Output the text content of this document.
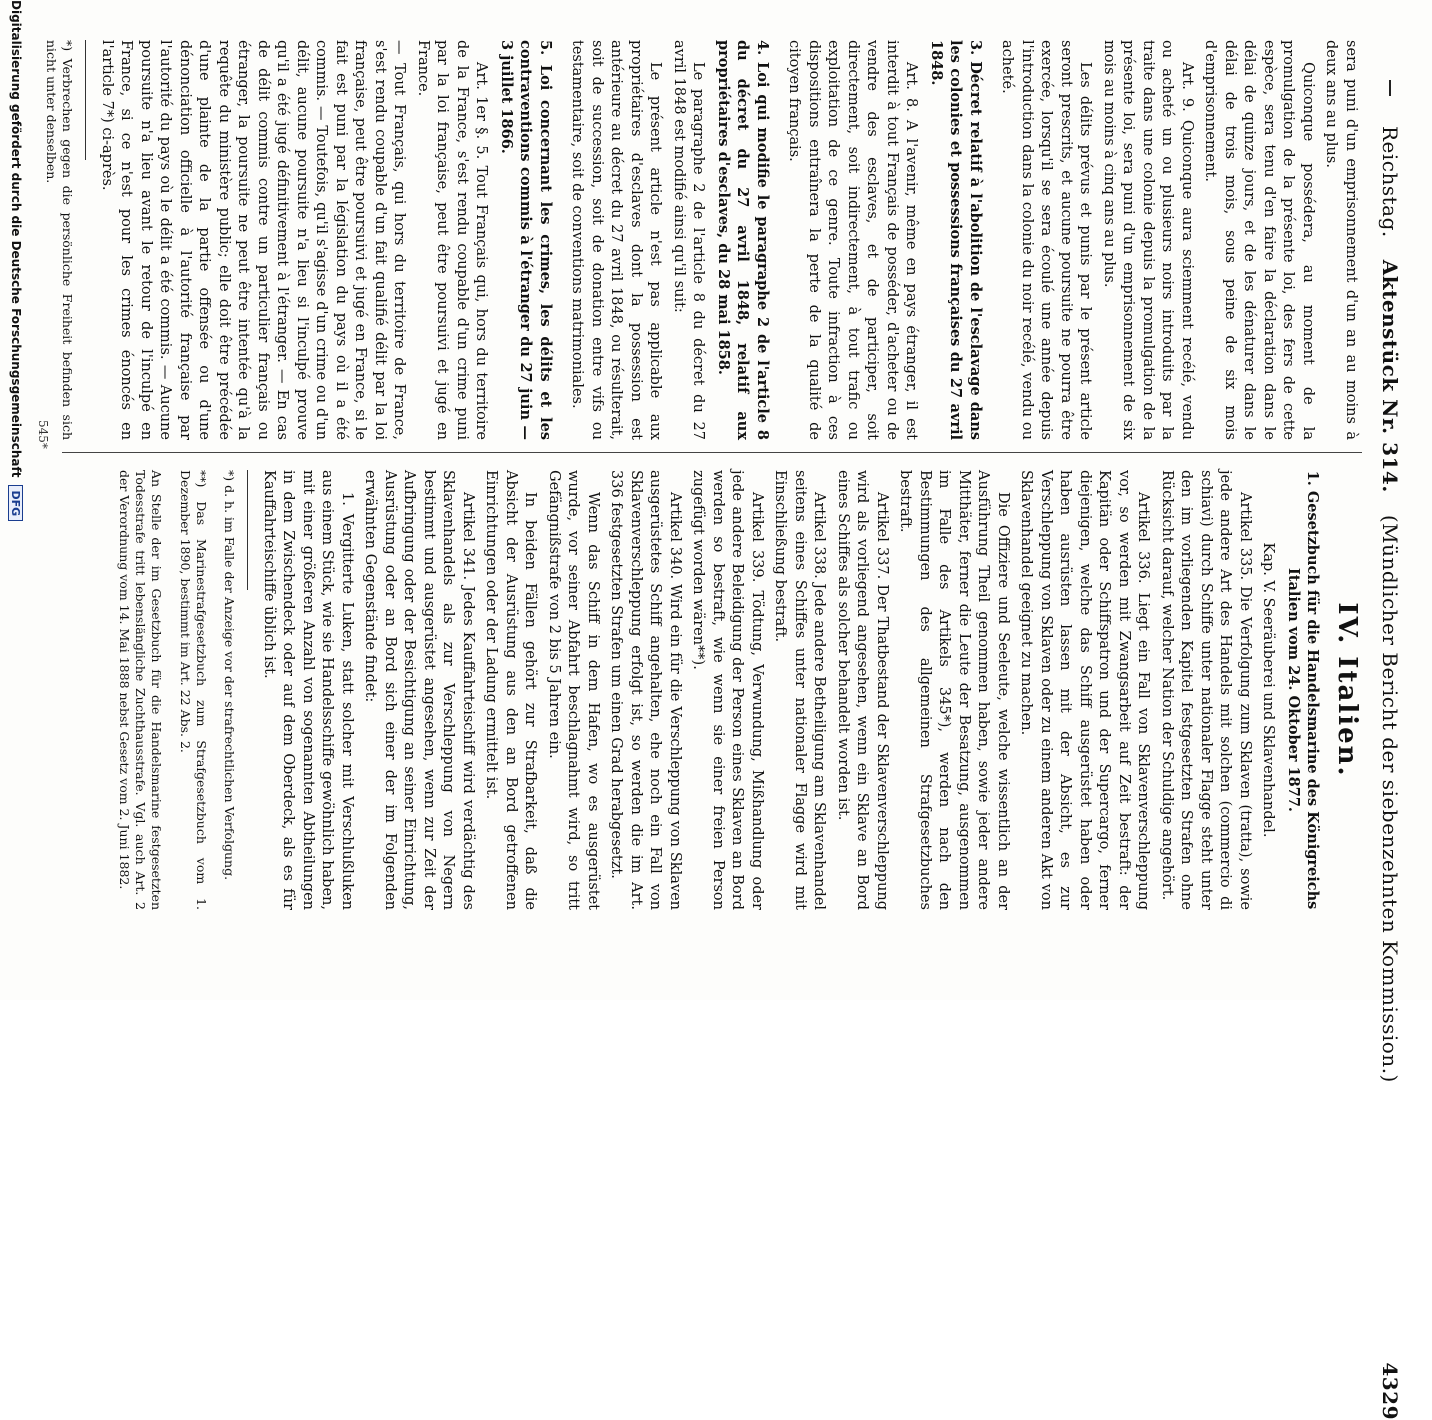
Reichstag.
Aktenstück Nr. 314.
(Mündlicher Bericht der siebenzehnten Kommission.)
4329

sera puni d'un emprisonnement d'un an au moins à deux ans au plus.

Quiconque possédera, au moment de la promulgation de la présente loi, des fers de cette espèce, sera tenu d'en faire la déclaration dans le délai de quinze jours, et de les dénaturer dans le délai de trois mois, sous peine de six mois d'emprisonnement.

Art. 9. Quiconque aura sciemment recélé, vendu ou acheté un ou plusieurs noirs introduits par la traite dans une colonie depuis la promulgation de la présente loi, sera puni d'un emprisonnement de six mois au moins à cinq ans au plus.

Les délits prévus et punis par le présent article seront prescrits, et aucune poursuite ne pourra être exercée, lorsqu'il se sera écoulé une année depuis l'introduction dans la colonie du noir recélé, vendu ou acheté.

3. Décret relatif à l'abolition de l'esclavage dans les colonies et possessions françaises du 27 avril 1848.

Art. 8. A l'avenir, même en pays étranger, il est interdit à tout Français de posséder, d'acheter ou de vendre des esclaves, et de participer, soit directement, soit indirectement, à tout trafic ou exploitation de ce genre. Toute infraction à ces dispositions entraînera la perte de la qualité de citoyen français.

4. Loi qui modifie le paragraphe 2 de l'article 8 du décret du 27 avril 1848, relatif aux propriétaires d'esclaves, du 28 mai 1858.

Le paragraphe 2 de l'article 8 du décret du 27 avril 1848 est modifié ainsi qu'il suit:

Le présent article n'est pas applicable aux propriétaires d'esclaves dont la possession est antérieure au décret du 27 avril 1848, ou résulterait, soit de succession, soit de donation entre vifs ou testamentaire, soit de conventions matrimoniales.

5. Loi concernant les crimes, les délits et les contraventions commis à l'étranger du 27 juin — 3 juillet 1866.

Art. 1er §. 5. Tout Français qui, hors du territoire de la France, s'est rendu coupable d'un crime puni par la loi française, peut être poursuivi et jugé en France.

— Tout Français, qui hors du territoire de France, s'est rendu coupable d'un fait qualifié délit par la loi française, peut être poursuivi et jugé en France, si le fait est puni par la législation du pays où il a été commis. — Toutefois, qu'il s'agisse d'un crime ou d'un délit, aucune poursuite n'a lieu si l'inculpé prouve qu'il a été jugé définitivement à l'étranger. — En cas de délit commis contre un particulier français ou étranger, la poursuite ne peut être intentée qu'à la requête du ministère public; elle doit être précédée d'une plainte de la partie offensée ou d'une dénonciation officielle à l'autorité française par l'autorité du pays où le délit a été commis. — Aucune poursuite n'a lieu avant le retour de l'inculpé en France, si ce n'est pour les crimes énoncés en l'article 7*) ci-après.

*) Verbrechen gegen die persönliche Freiheit befinden sich nicht unter denselben.

IV. Italien.

1. Gesetzbuch für die Handelsmarine des Königreichs Italien vom 24. Oktober 1877.

Kap. V. Seeräuberei und Sklavenhandel.

Artikel 335. Die Verfolgung zum Sklaven (tratta), sowie jede andere Art des Handels mit solchen (commercio di schiavi) durch Schiffe unter nationaler Flagge steht unter den im vorliegenden Kapitel festgesetzten Strafen ohne Rücksicht darauf, welcher Nation der Schuldige angehört.

Artikel 336. Liegt ein Fall von Sklavenverschleppung vor, so werden mit Zwangsarbeit auf Zeit bestraft: der Kapitän oder Schiffspatron und der Supercargo, ferner diejenigen, welche das Schiff ausgerüstet haben oder haben ausrüsten lassen mit der Absicht, es zur Verschleppung von Sklaven oder zu einem anderen Akt von Sklavenhandel geeignet zu machen.

Die Offiziere und Seeleute, welche wissentlich an der Ausführung Theil genommen haben, sowie jeder andere Mitthäter, ferner die Leute der Besatzung, ausgenommen im Falle des Artikels 345*), werden nach den Bestimmungen des allgemeinen Strafgesetzbuches bestraft.

Artikel 337. Der Thatbestand der Sklavenverschleppung wird als vorliegend angesehen, wenn ein Sklave an Bord eines Schiffes als solcher behandelt worden ist.

Artikel 338. Jede andere Betheiligung am Sklavenhandel seitens eines Schiffes unter nationaler Flagge wird mit Einschließung bestraft.

Artikel 339. Tödtung, Verwundung, Mißhandlung oder jede andere Beleidigung der Person eines Sklaven an Bord werden so bestraft, wie wenn sie einer freien Person zugefügt worden wären**).

Artikel 340. Wird ein für die Verschleppung von Sklaven ausgerüstetes Schiff angehalten, ehe noch ein Fall von Sklavenverschleppung erfolgt ist, so werden die im Art. 336 festgesetzten Strafen um einen Grad herabgesetzt.

Wenn das Schiff in dem Hafen, wo es ausgerüstet wurde, vor seiner Abfahrt beschlagnahmt wird, so tritt Gefängnißstrafe von 2 bis 5 Jahren ein.

In beiden Fällen gehört zur Strafbarkeit, daß die Absicht der Ausrüstung aus den an Bord getroffenen Einrichtungen oder der Ladung ermittelt ist.

Artikel 341. Jedes Kauffahrteischiff wird verdächtig des Sklavenhandels als zur Verschleppung von Negern bestimmt und ausgerüstet angesehen, wenn zur Zeit der Aufbringung oder der Besichtigung an seiner Einrichtung, Ausrüstung oder an Bord sich einer der im Folgenden erwähnten Gegenstände findet:

1. Vergitterte Luken, statt solcher mit Verschlußluken aus einem Stück, wie sie Handelsschiffe gewöhnlich haben, mit einer größeren Anzahl von sogenannten Abtheilungen in dem Zwischendeck oder auf dem Oberdeck, als es für Kauffahrteischiffe üblich ist.

*) d. h. im Falle der Anzeige vor der strafrechtlichen Verfolgung.

**) Das Marinestrafgesetzbuch zum Strafgesetzbuch vom 1. Dezember 1890, bestimmt im Art. 22 Abs. 2.

An Stelle der im Gesetzbuch für die Handelsmarine festgesetzten Todesstrafe tritt lebenslängliche Zuchthausstrafe. Vgl. auch Art. 2 der Verordnung vom 14. Mai 1888 nebst Gesetz vom 2. Juni 1882.

545*
Digitalisierung gefördert durch die Deutsche Forschungsgemeinschaft
DFG
